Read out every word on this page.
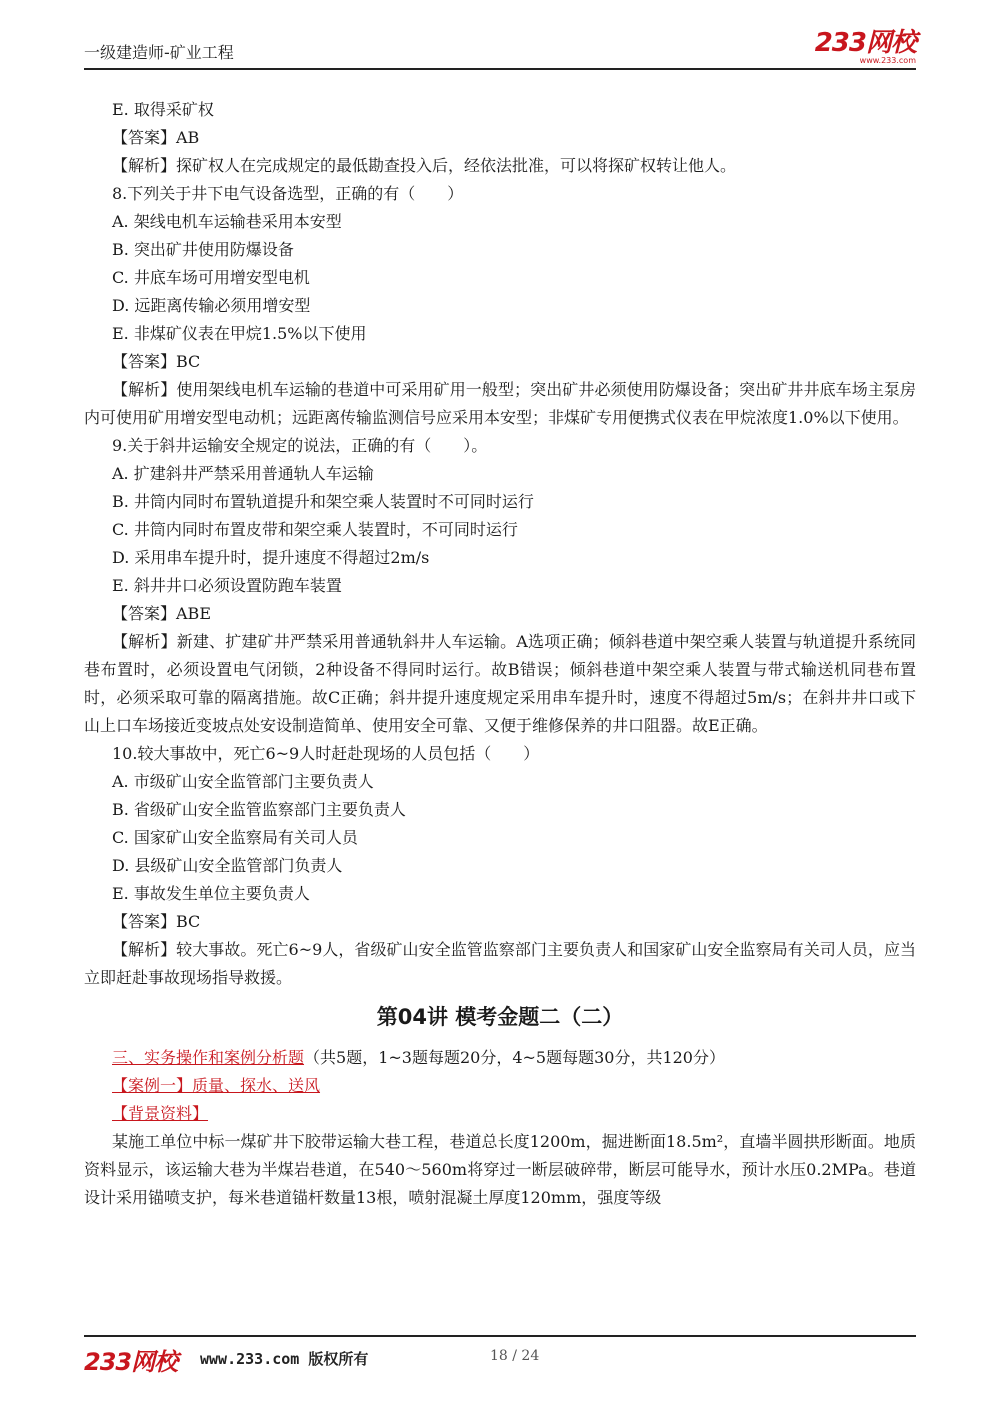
一级建造师-矿业工程	233网校
www.233.com
E. 取得采矿权
【答案】AB
【解析】探矿权人在完成规定的最低勘查投入后，经依法批准，可以将探矿权转让他人。
8.下列关于井下电气设备选型，正确的有（　　）
A. 架线电机车运输巷采用本安型
B. 突出矿井使用防爆设备
C. 井底车场可用增安型电机
D. 远距离传输必须用增安型
E. 非煤矿仪表在甲烷1.5%以下使用
【答案】BC
【解析】使用架线电机车运输的巷道中可采用矿用一般型；突出矿井必须使用防爆设备；突出矿井井底车场主泵房内可使用矿用增安型电动机；远距离传输监测信号应采用本安型；非煤矿专用便携式仪表在甲烷浓度1.0%以下使用。
9.关于斜井运输安全规定的说法，正确的有（　　）。
A. 扩建斜井严禁采用普通轨人车运输
B. 井筒内同时布置轨道提升和架空乘人装置时不可同时运行
C. 井筒内同时布置皮带和架空乘人装置时，不可同时运行
D. 采用串车提升时，提升速度不得超过2m/s
E. 斜井井口必须设置防跑车装置
【答案】ABE
【解析】新建、扩建矿井严禁采用普通轨斜井人车运输。A选项正确；倾斜巷道中架空乘人装置与轨道提升系统同巷布置时，必须设置电气闭锁，2种设备不得同时运行。故B错误；倾斜巷道中架空乘人装置与带式输送机同巷布置时，必须采取可靠的隔离措施。故C正确；斜井提升速度规定采用串车提升时，速度不得超过5m/s；在斜井井口或下山上口车场接近变坡点处安设制造简单、使用安全可靠、又便于维修保养的井口阻器。故E正确。
10.较大事故中，死亡6~9人时赶赴现场的人员包括（　　）
A. 市级矿山安全监管部门主要负责人
B. 省级矿山安全监管监察部门主要负责人
C. 国家矿山安全监察局有关司人员
D. 县级矿山安全监管部门负责人
E. 事故发生单位主要负责人
【答案】BC
【解析】较大事故。死亡6~9人，省级矿山安全监管监察部门主要负责人和国家矿山安全监察局有关司人员，应当立即赶赴事故现场指导救援。
第04讲 模考金题二（二）
三、实务操作和案例分析题（共5题，1~3题每题20分，4~5题每题30分，共120分）
【案例一】质量、探水、送风
【背景资料】
某施工单位中标一煤矿井下胶带运输大巷工程，巷道总长度1200m，掘进断面18.5m²，直墙半圆拱形断面。地质资料显示，该运输大巷为半煤岩巷道，在540～560m将穿过一断层破碎带，断层可能导水，预计水压0.2MPa。巷道设计采用锚喷支护，每米巷道锚杆数量13根，喷射混凝土厚度120mm，强度等级
233网校 www.233.com 版权所有	18 / 24
